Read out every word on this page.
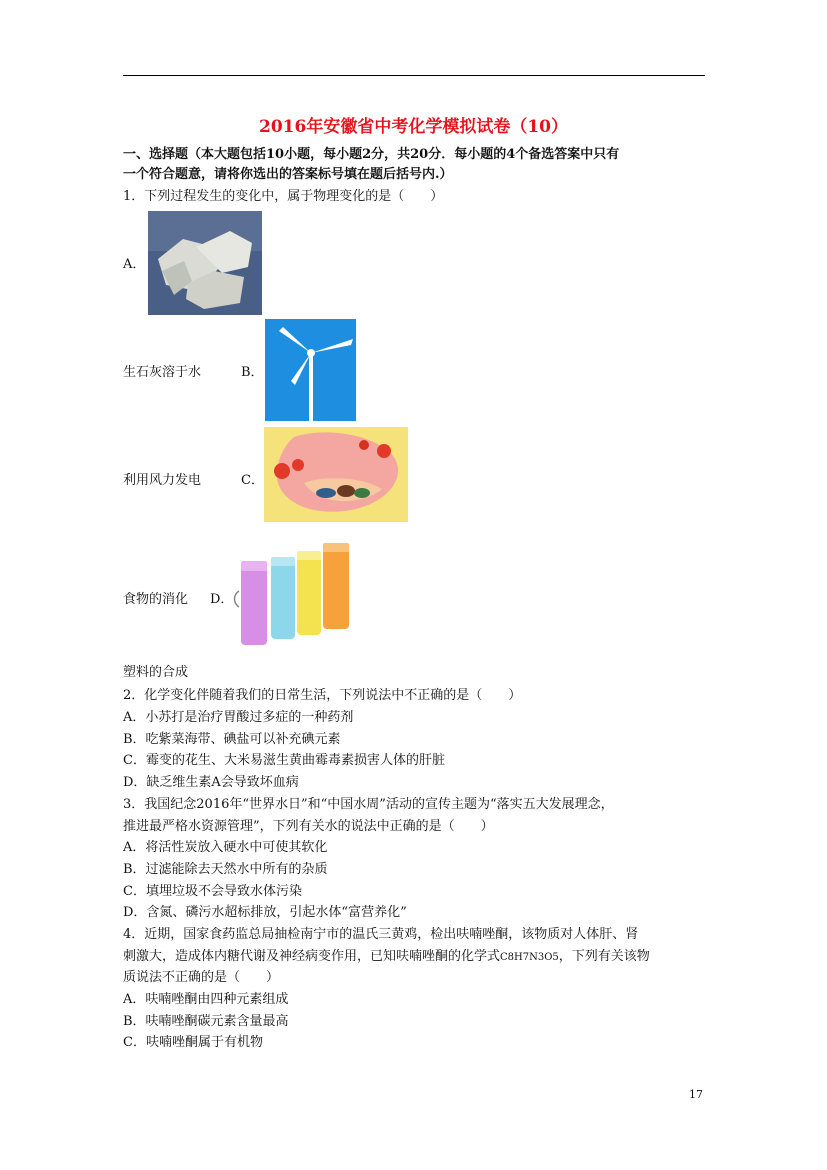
2016年安徽省中考化学模拟试卷（10）
一、选择题（本大题包括10小题，每小题2分，共20分．每小题的4个备选答案中只有
一个符合题意，请将你选出的答案标号填在题后括号内.）
1．下列过程发生的变化中，属于物理变化的是（　　）
A．
生石灰溶于水	B．
利用风力发电	C．
食物的消化 D．
塑料的合成
2．化学变化伴随着我们的日常生活，下列说法中不正确的是（　　）
A．小苏打是治疗胃酸过多症的一种药剂
B．吃紫菜海带、碘盐可以补充碘元素
C．霉变的花生、大米易滋生黄曲霉毒素损害人体的肝脏
D．缺乏维生素A会导致坏血病
3．我国纪念2016年“世界水日”和“中国水周”活动的宣传主题为“落实五大发展理念，
推进最严格水资源管理”，下列有关水的说法中正确的是（　　）
A．将活性炭放入硬水中可使其软化
B．过滤能除去天然水中所有的杂质
C．填埋垃圾不会导致水体污染
D．含氮、磷污水超标排放，引起水体“富营养化”
4．近期，国家食药监总局抽检南宁市的温氏三黄鸡，检出呋喃唑酮，该物质对人体肝、肾
刺激大，造成体内糖代谢及神经病变作用，已知呋喃唑酮的化学式C8H7N3O5，下列有关该物
质说法不正确的是（　　）
A．呋喃唑酮由四种元素组成
B．呋喃唑酮碳元素含量最高
C．呋喃唑酮属于有机物
17
